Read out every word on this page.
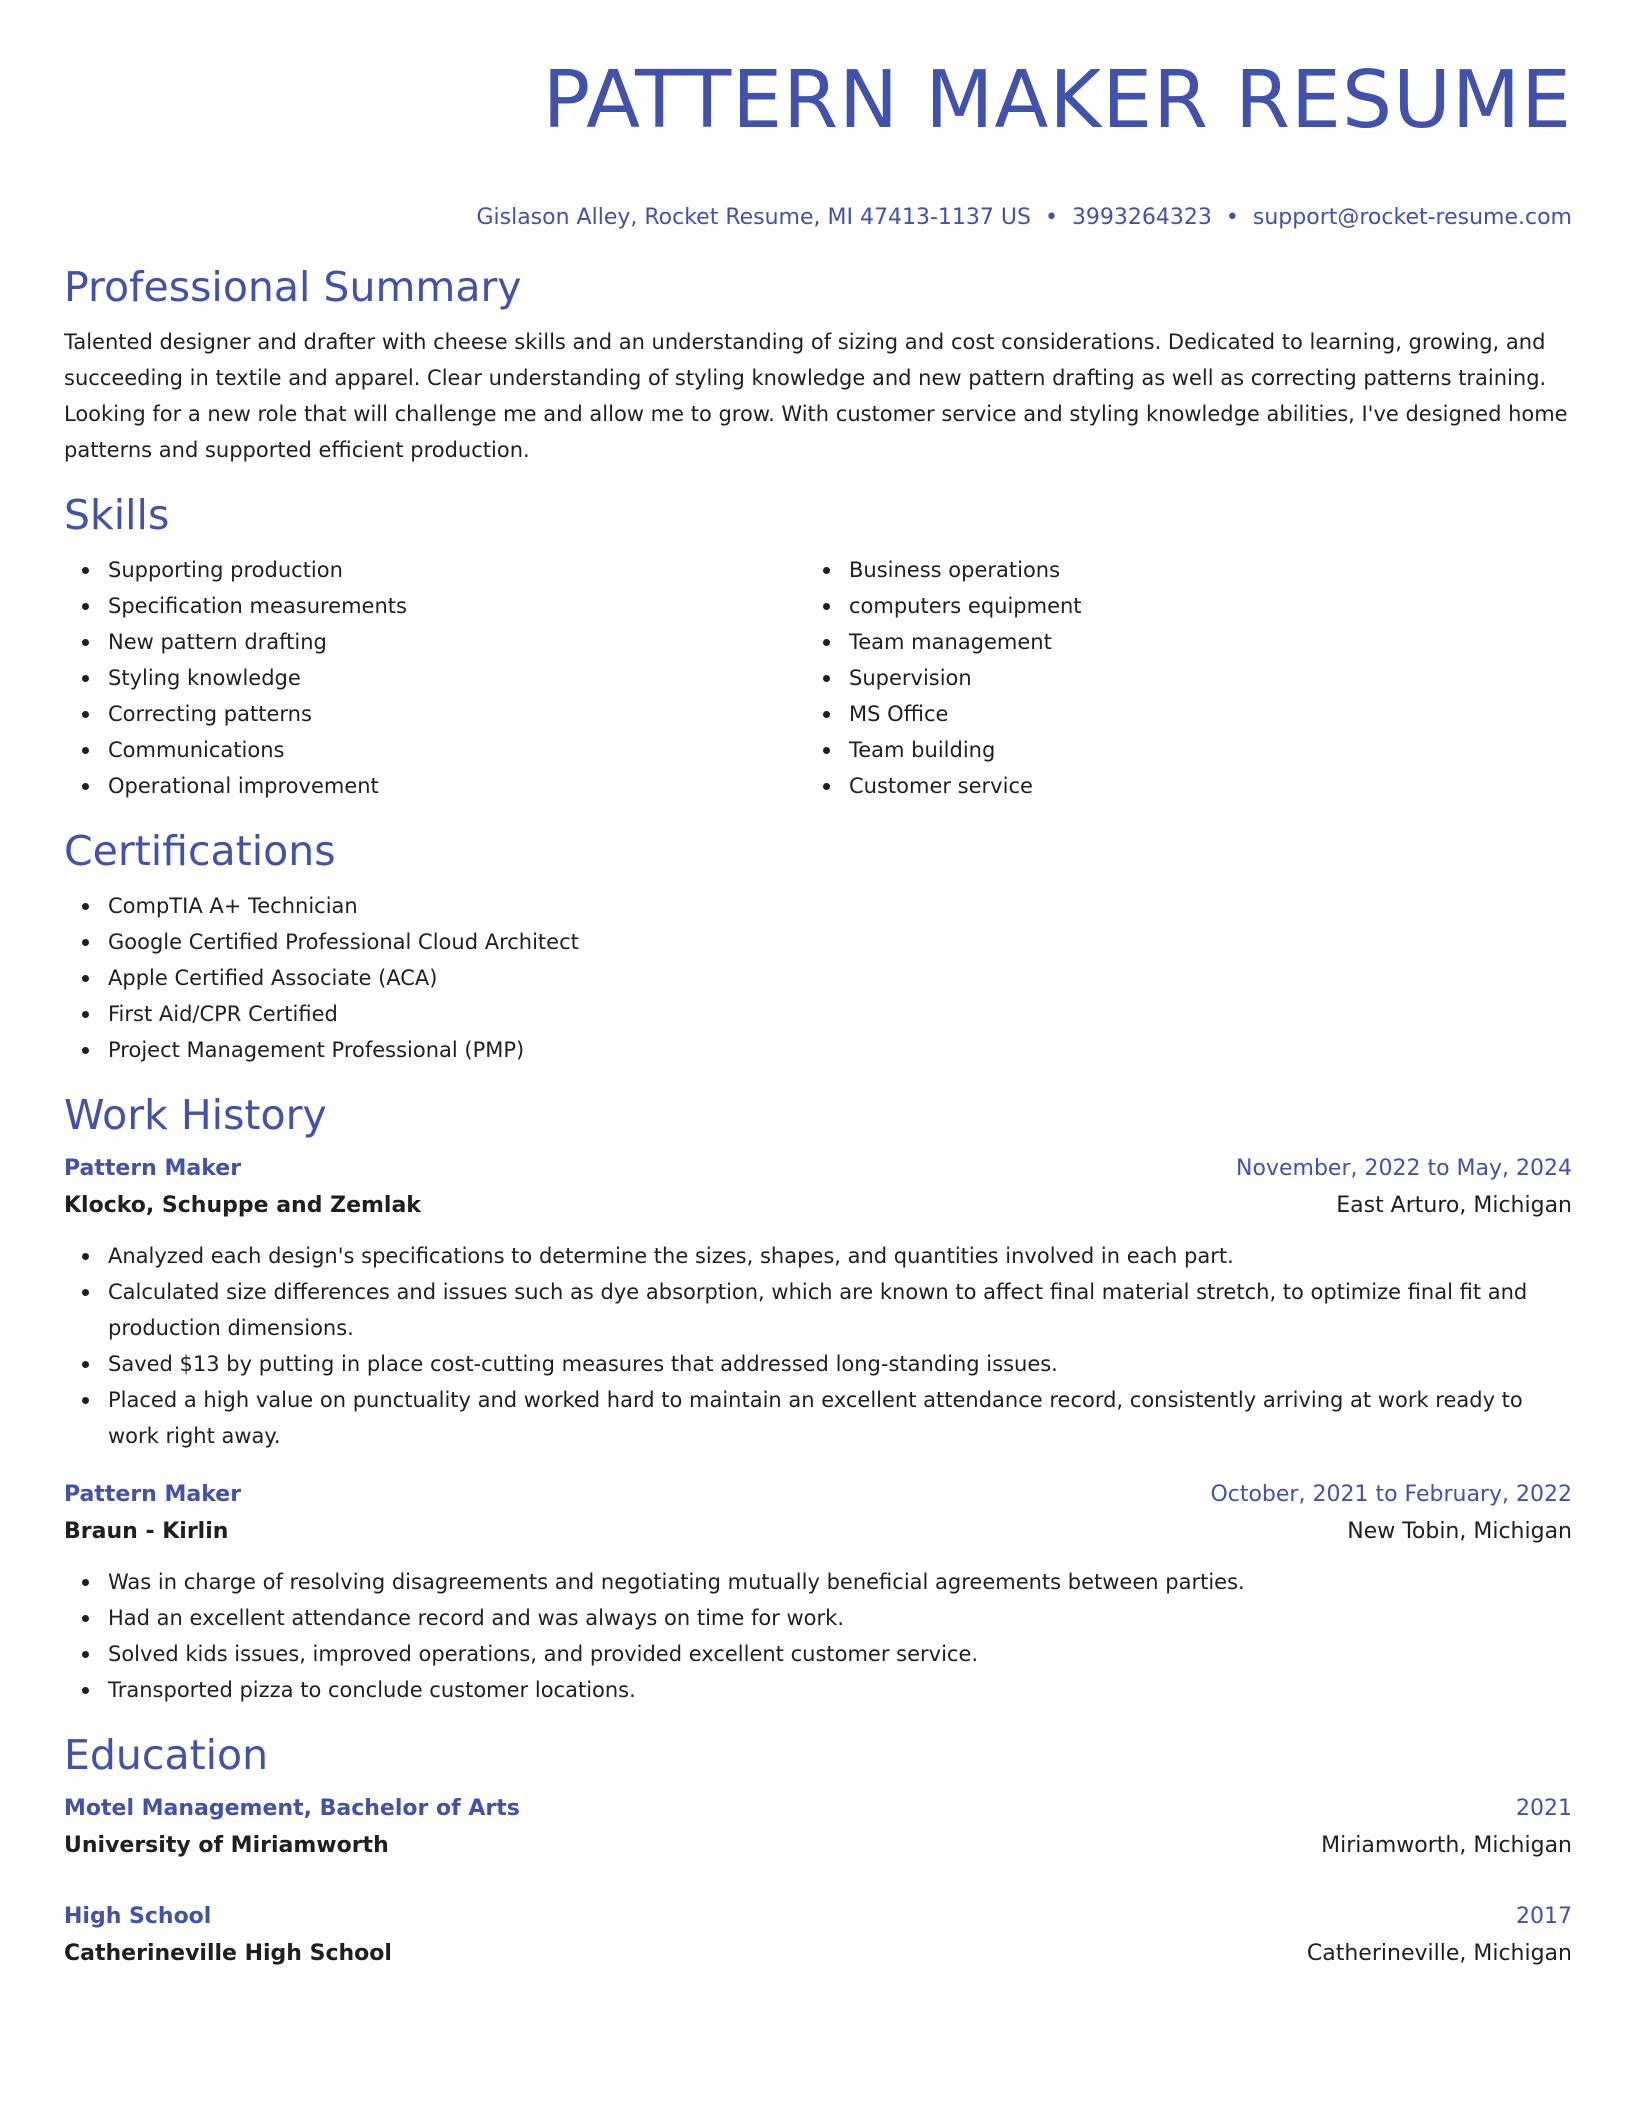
PATTERN MAKER RESUME
Gislason Alley, Rocket Resume, MI 47413-1137 US • 3993264323 • support@rocket-resume.com
Professional Summary

Talented designer and drafter with cheese skills and an understanding of sizing and cost considerations. Dedicated to learning, growing, and succeeding in textile and apparel. Clear understanding of styling knowledge and new pattern drafting as well as correcting patterns training. Looking for a new role that will challenge me and allow me to grow. With customer service and styling knowledge abilities, I've designed home patterns and supported efficient production.

Skills
Supporting production
Specification measurements
New pattern drafting
Styling knowledge
Correcting patterns
Communications
Operational improvement
Business operations
computers equipment
Team management
Supervision
MS Office
Team building
Customer service
Certifications
CompTIA A+ Technician
Google Certified Professional Cloud Architect
Apple Certified Associate (ACA)
First Aid/CPR Certified
Project Management Professional (PMP)
Work History
Pattern Maker	November, 2022 to May, 2024
Klocko, Schuppe and Zemlak	East Arturo, Michigan
Analyzed each design's specifications to determine the sizes, shapes, and quantities involved in each part.
Calculated size differences and issues such as dye absorption, which are known to affect final material stretch, to optimize final fit and production dimensions.
Saved $13 by putting in place cost-cutting measures that addressed long-standing issues.
Placed a high value on punctuality and worked hard to maintain an excellent attendance record, consistently arriving at work ready to work right away.
Pattern Maker	October, 2021 to February, 2022
Braun - Kirlin	New Tobin, Michigan
Was in charge of resolving disagreements and negotiating mutually beneficial agreements between parties.
Had an excellent attendance record and was always on time for work.
Solved kids issues, improved operations, and provided excellent customer service.
Transported pizza to conclude customer locations.
Education
Motel Management, Bachelor of Arts	2021
University of Miriamworth	Miriamworth, Michigan
High School	2017
Catherineville High School	Catherineville, Michigan
